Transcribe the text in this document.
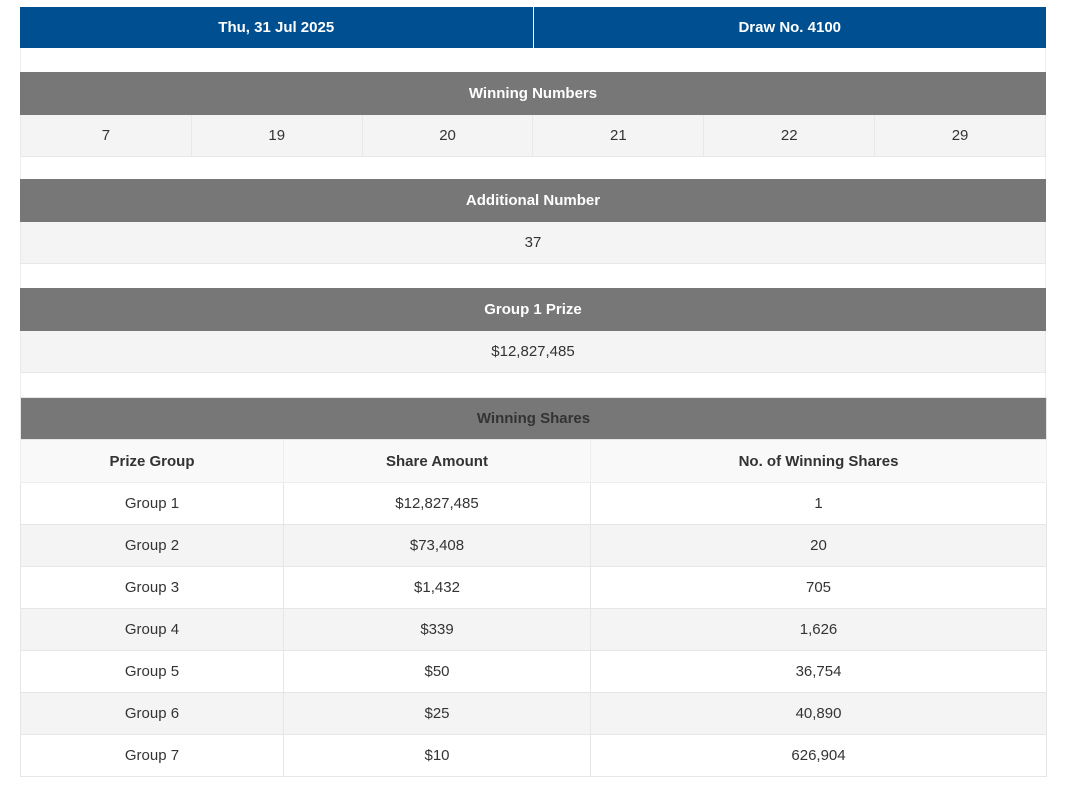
Thu, 31 Jul 2025	Draw No. 4100
Winning Numbers
7	19	20	21	22	29
Additional Number
37
Group 1 Prize
$12,827,485
Winning Shares		
Prize Group	Share Amount	No. of Winning Shares
Group 1	$12,827,485	1
Group 2	$73,408	20
Group 3	$1,432	705
Group 4	$339	1,626
Group 5	$50	36,754
Group 6	$25	40,890
Group 7	$10	626,904
